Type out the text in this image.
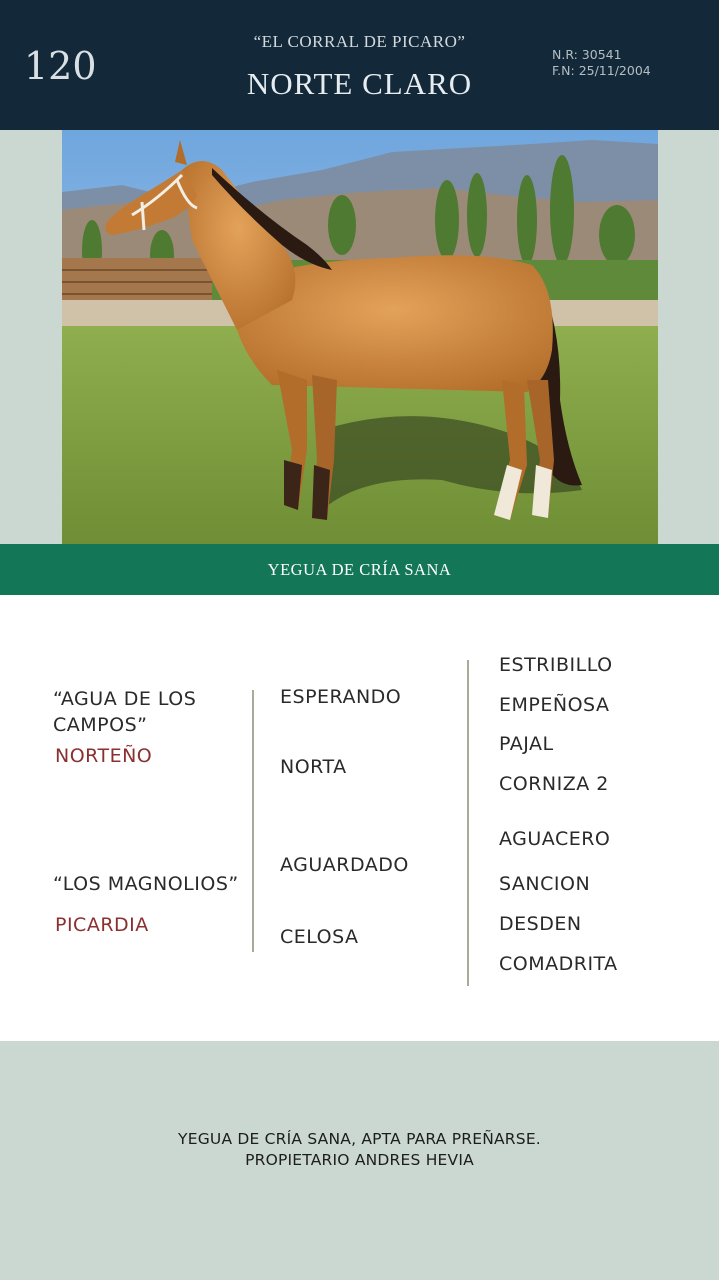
120
“EL CORRAL DE PICARO”
NORTE CLARO
N.R: 30541
F.N: 25/11/2004
YEGUA DE CRÍA SANA
“AGUA DE LOS CAMPOS”
NORTEÑO
“LOS MAGNOLIOS”
PICARDIA
ESPERANDO
NORTA
AGUARDADO
CELOSA
ESTRIBILLO
EMPEÑOSA
PAJAL
CORNIZA 2
AGUACERO
SANCION
DESDEN
COMADRITA
YEGUA DE CRÍA SANA, APTA PARA PREÑARSE.
PROPIETARIO ANDRES HEVIA
